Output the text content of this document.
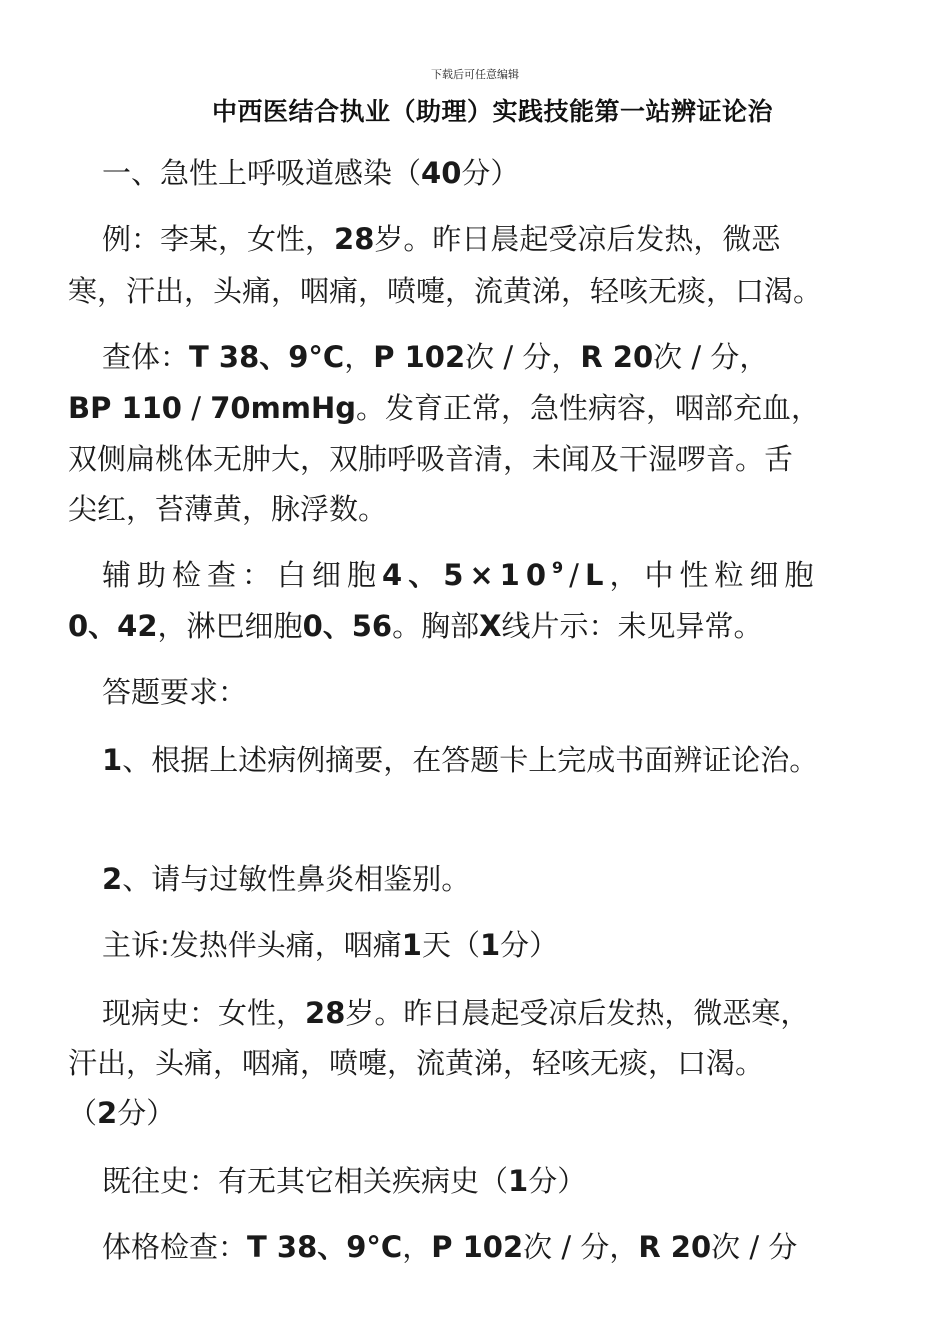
下载后可任意编辑
中西医结合执业（助理）实践技能第一站辨证论治

一、急性上呼吸道感染（40分）

例：李某，女性，28岁。昨日晨起受凉后发热，微恶

寒，汗出，头痛，咽痛，喷嚏，流黄涕，轻咳无痰，口渴。

查体：T 38、9°C，P 102次 / 分，R 20次 / 分，

BP 110 / 70mmHg。发育正常，急性病容，咽部充血，

双侧扁桃体无肿大，双肺呼吸音清，未闻及干湿啰音。舌

尖红，苔薄黄，脉浮数。

辅助检查：白细胞4、$5\times 10^9/L$，中性粒细胞

0、42，淋巴细胞0、56。胸部X线片示：未见异常。

答题要求：

1、根据上述病例摘要，在答题卡上完成书面辨证论治。

2、请与过敏性鼻炎相鉴别。

主诉:发热伴头痛，咽痛1天（1分）

现病史：女性，28岁。昨日晨起受凉后发热，微恶寒，

汗出，头痛，咽痛，喷嚏，流黄涕，轻咳无痰，口渴。

（2分）

既往史：有无其它相关疾病史（1分）

体格检查：T 38、9°C，P 102次 / 分，R 20次 / 分
